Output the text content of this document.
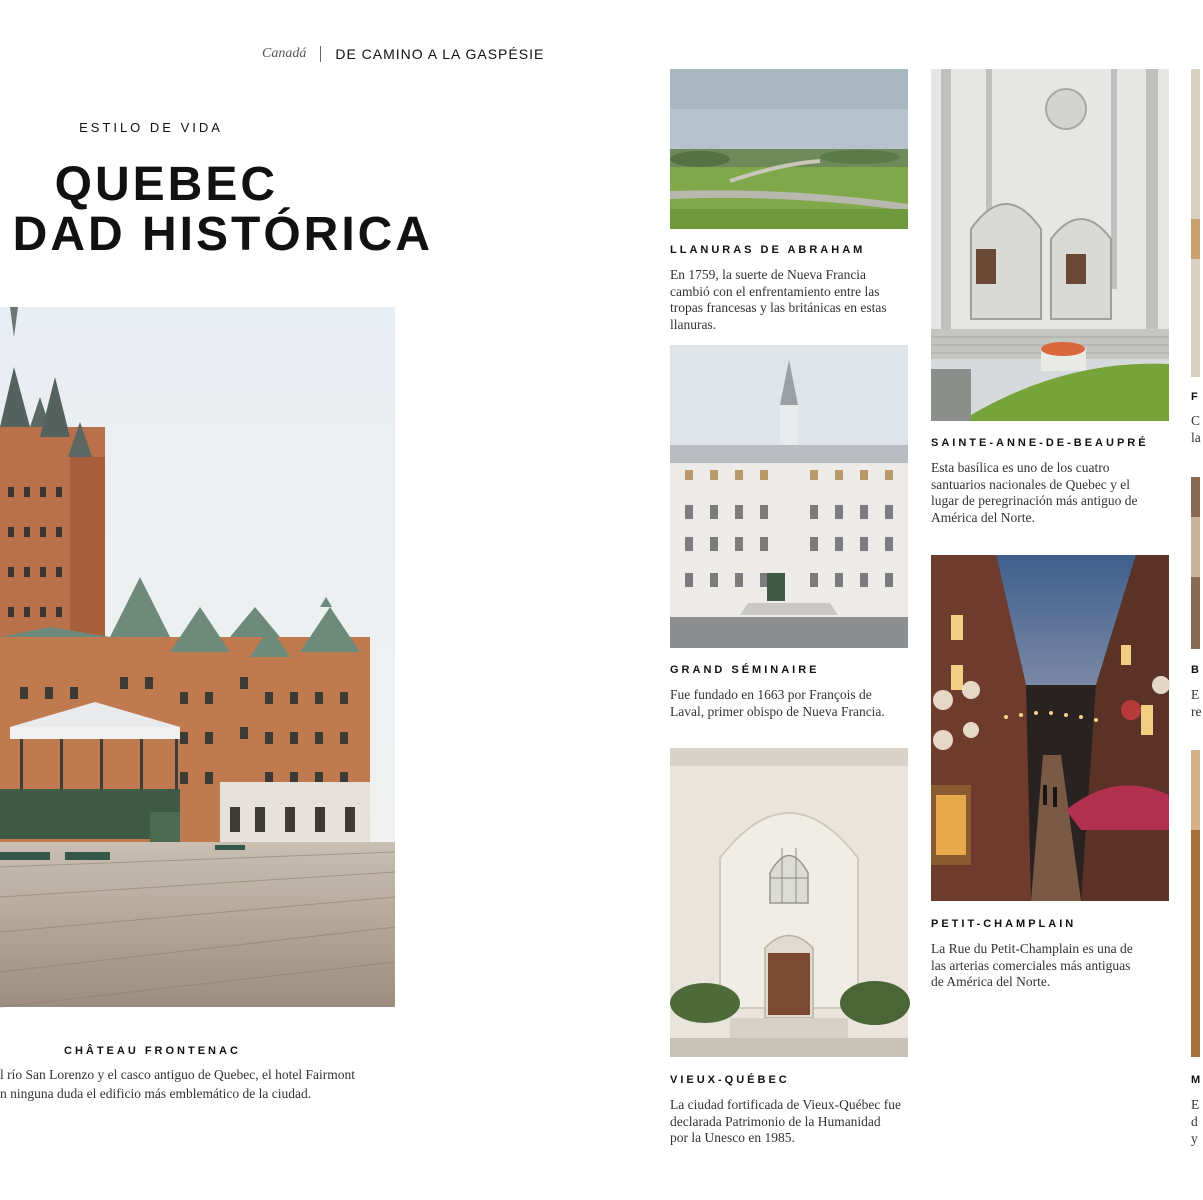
Canadá DE CAMINO A LA GASPÉSIE
ESTILO DE VIDA
QUEBEC
DAD HISTÓRICA
CHÂTEAU FRONTENAC
l río San Lorenzo y el casco antiguo de Quebec, el hotel Fairmont
n ninguna duda el edificio más emblemático de la ciudad.
LLANURAS DE ABRAHAM
En 1759, la suerte de Nueva Francia cambió con el enfrentamiento entre las tropas francesas y las británicas en estas llanuras.
GRAND SÉMINAIRE
Fue fundado en 1663 por François de Laval, primer obispo de Nueva Francia.
VIEUX-QUÉBEC
La ciudad fortificada de Vieux-Québec fue declarada Patrimonio de la Humanidad por la Unesco en 1985.
SAINTE-ANNE-DE-BEAUPRÉ
Esta basílica es uno de los cuatro santuarios nacionales de Quebec y el lugar de peregrinación más antiguo de América del Norte.
PETIT-CHAMPLAIN
La Rue du Petit-Champlain es una de las arterias comerciales más antiguas de América del Norte.
F
C
la
B
E
re
M
E
d
y
